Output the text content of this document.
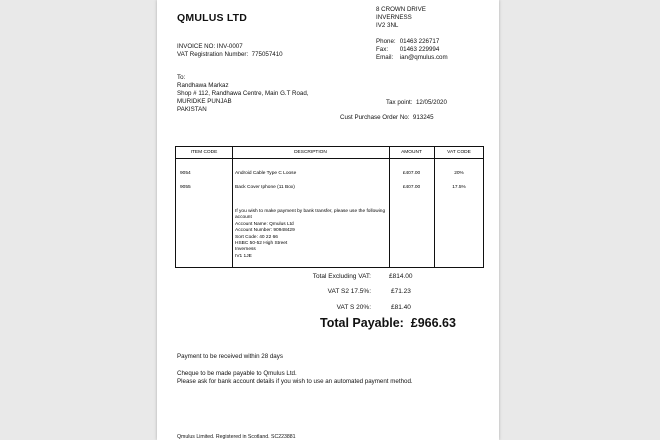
QMULUS LTD
8 CROWN DRIVE
INVERNESS
IV2 3NL
Phone: 01463 226717
Fax: 01463 229994
Email: ian@qmulus.com
INVOICE NO: INV-0007
VAT Registration Number: 775057410
To:
Randhawa Markaz
Shop # 112, Randhawa Centre, Main G.T Road,
MURIDKE PUNJAB
PAKISTAN
Tax point: 12/05/2020
Cust Purchase Order No: 913245
ITEM CODE	DESCRIPTION	AMOUNT	VAT CODE
9054	Android Cable Type C Loose	£407.00	20%
9055	Back Cover Iphone (11 Box)	£407.00	17.5%
If you wish to make payment by bank transfer, please use the following
account
Account Name: Qmulus Ltd
Account Number: 90948429
Sort Code: 40 22 66
HSBC 50-52 High Street
Inverness
IV1 1JE
Total Excluding VAT:	£814.00
VAT S2 17.5%:	£71.23
VAT S 20%:	£81.40
Total Payable: £966.63
Payment to be received within 28 days
Cheque to be made payable to Qmulus Ltd.
Please ask for bank account details if you wish to use an automated payment method.
Qmulus Limited. Registered in Scotland. SC223881
